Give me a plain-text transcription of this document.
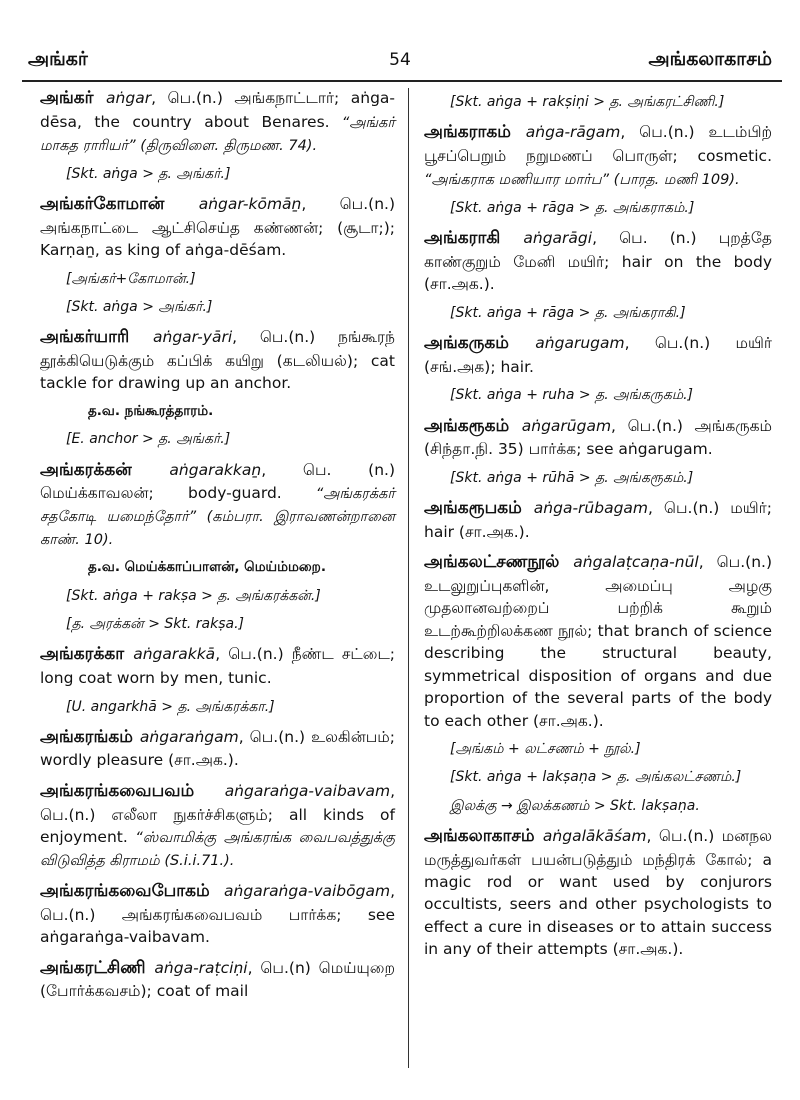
அங்கர்	54	அங்கலாகாசம்
அங்கர் aṅgar, பெ.(n.) அங்கநாட்டார்; aṅga-dēsa, the country about Benares. “அங்கர் மாகத ராரியர்” (திருவிளை. திருமண. 74).
[Skt. aṅga > த. அங்கர்.]
அங்கர்கோமான் aṅgar-kōmāṉ, பெ.(n.) அங்கநாட்டை ஆட்சிசெய்த கண்ணன்; (சூடா;); Karṇaṉ, as king of aṅga-dēśam.
[அங்கர்+கோமான்.]
[Skt. aṅga > அங்கர்.]
அங்கர்யாரி aṅgar-yāri, பெ.(n.) நங்கூரந் தூக்கியெடுக்கும் கப்பிக் கயிறு (கடலியல்); cat tackle for drawing up an anchor.
த.வ. நங்கூரத்தாரம்.
[E. anchor > த. அங்கர்.]
அங்கரக்கன் aṅgarakkaṉ, பெ. (n.) மெய்க்காவலன்; body-guard. “அங்கரக்கர் சதகோடி யமைந்தோர்” (கம்பரா. இராவணன்றானை காண். 10).
த.வ. மெய்க்காப்பாளன், மெய்ம்மறை.
[Skt. aṅga + rakṣa > த. அங்கரக்கன்.]
[த. அரக்கன் > Skt. rakṣa.]
அங்கரக்கா aṅgarakkā, பெ.(n.) நீண்ட சட்டை; long coat worn by men, tunic.
[U. angarkhā > த. அங்கரக்கா.]
அங்கரங்கம் aṅgaraṅgam, பெ.(n.) உலகின்பம்; wordly pleasure (சா.அக.).
அங்கரங்கவைபவம் aṅgaraṅga-vaibavam, பெ.(n.) எலீலா நுகர்ச்சிகளும்; all kinds of enjoyment. “ஸ்வாமிக்கு அங்கரங்க வைபவத்துக்கு விடுவித்த கிராமம் (S.i.i.71.).
அங்கரங்கவைபோகம் aṅgaraṅga-vaibōgam, பெ.(n.) அங்கரங்கவைபவம் பார்க்க; see aṅgaraṅga-vaibavam.
அங்கரட்சிணி aṅga-raṭciṇi, பெ.(n) மெய்யுறை (போர்க்கவசம்); coat of mail
[Skt. aṅga + rakṣiṇi > த. அங்கரட்சிணி.]
அங்கராகம் aṅga-rāgam, பெ.(n.) உடம்பிற் பூசப்பெறும் நறுமணப் பொருள்; cosmetic. “அங்கராக மணியார மார்ப” (பாரத. மணி 109).
[Skt. aṅga + rāga > த. அங்கராகம்.]
அங்கராகி aṅgarāgi, பெ. (n.) புறத்தே காண்குறும் மேனி மயிர்; hair on the body (சா.அக.).
[Skt. aṅga + rāga > த. அங்கராகி.]
அங்கருகம் aṅgarugam, பெ.(n.) மயிர் (சங்.அக); hair.
[Skt. aṅga + ruha > த. அங்கருகம்.]
அங்கரூகம் aṅgarūgam, பெ.(n.) அங்கருகம் (சிந்தா.நி. 35) பார்க்க; see aṅgarugam.
[Skt. aṅga + rūhā > த. அங்கரூகம்.]
அங்கரூபகம் aṅga-rūbagam, பெ.(n.) மயிர்; hair (சா.அக.).
அங்கலட்சணநூல் aṅgalaṭcaṇa-nūl, பெ.(n.) உடலுறுப்புகளின், அமைப்பு அழகு முதலானவற்றைப் பற்றிக் கூறும் உடற்கூற்றிலக்கண நூல்; that branch of science describing the structural beauty, symmetrical disposition of organs and due proportion of the several parts of the body to each other (சா.அக.).
[அங்கம் + லட்சணம் + நூல்.]
[Skt. aṅga + lakṣaṇa > த. அங்கலட்சணம்.]
இலக்கு → இலக்கணம் > Skt. lakṣaṇa.
அங்கலாகாசம் aṅgalākāśam, பெ.(n.) மனநல மருத்துவர்கள் பயன்படுத்தும் மந்திரக் கோல்; a magic rod or want used by conjurors occultists, seers and other psychologists to effect a cure in diseases or to attain success in any of their attempts (சா.அக.).
